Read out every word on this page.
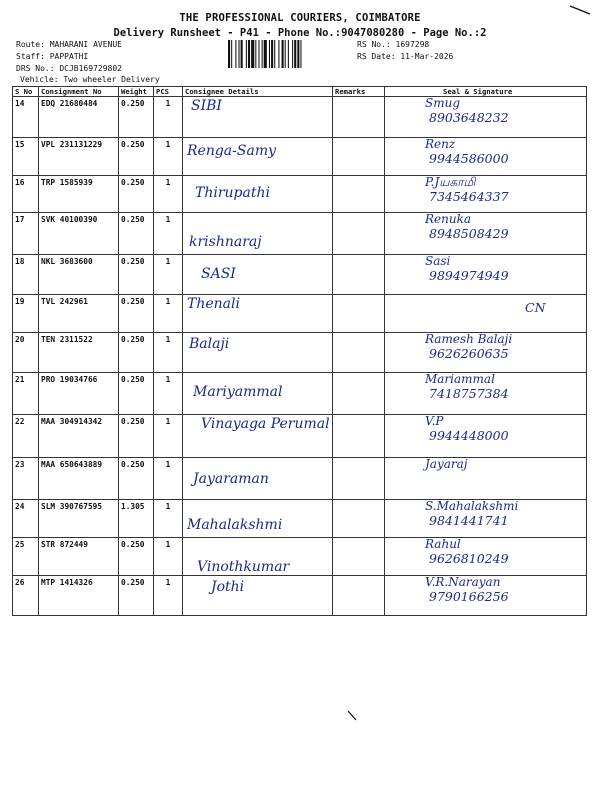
THE PROFESSIONAL COURIERS, COIMBATORE
Delivery Runsheet - P41 - Phone No.:9047080280 - Page No.:2
Route: MAHARANI AVENUE
Staff: PAPPATHI
DRS No.: DCJB169729802
Vehicle: Two wheeler Delivery
RS No.: 1697298
RS Date: 11-Mar-2026
S No	Consignment No	Weight	PCS	Consignee Details	Remarks	Seal & Signature
14	EDQ 21680484	0.250	1	SIBI		Smug
8903648232

15	VPL 231131229	0.250	1	Renga-Samy		Renz
9944586000

16	TRP 1585939	0.250	1	Thirupathi		P.Jயகாமி
7345464337

17	SVK 40100390	0.250	1	krishnaraj		Renuka
8948508429

18	NKL 3683600	0.250	1	SASI		Sasi
9894974949

19	TVL 242961	0.250	1	Thenali		CN

20	TEN 2311522	0.250	1	Balaji		Ramesh Balaji
9626260635

21	PRO 19034766	0.250	1	Mariyammal		Mariammal
7418757384

22	MAA 304914342	0.250	1	Vinayaga Perumal		V.P
9944448000

23	MAA 650643889	0.250	1	Jayaraman		Jayaraj

24	SLM 390767595	1.305	1	Mahalakshmi		S.Mahalakshmi
9841441741

25	STR 872449	0.250	1	Vinothkumar		Rahul
9626810249

26	MTP 1414326	0.250	1	Jothi		V.R.Narayan
9790166256
